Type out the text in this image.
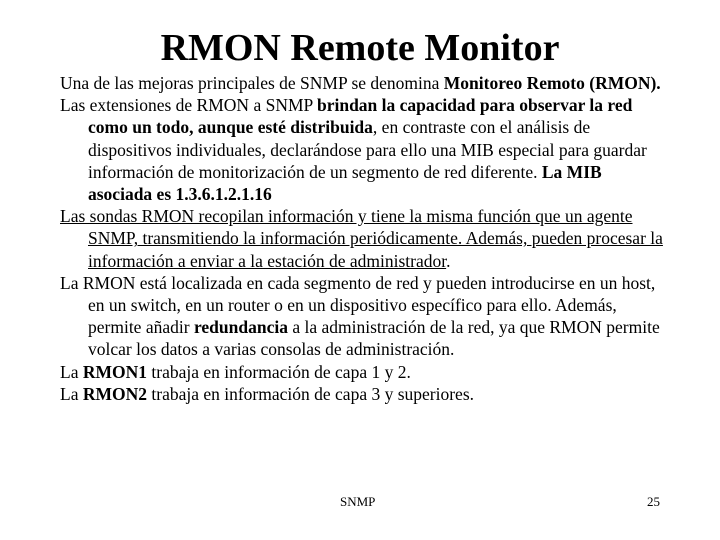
RMON Remote Monitor

Una de las mejoras principales de SNMP se denomina Monitoreo Remoto (RMON).

Las extensiones de RMON a SNMP brindan la capacidad para observar la red como un todo, aunque esté distribuida, en contraste con el análisis de dispositivos individuales, declarándose para ello una MIB especial para guardar información de monitorización de un segmento de red diferente. La MIB asociada es 1.3.6.1.2.1.16

Las sondas RMON recopilan información y tiene la misma función que un agente SNMP, transmitiendo la información periódicamente. Además, pueden procesar la información a enviar a la estación de administrador.

La RMON está localizada en cada segmento de red y pueden introducirse en un host, en un switch, en un router o en un dispositivo específico para ello. Además, permite añadir redundancia a la administración de la red, ya que RMON permite volcar los datos a varias consolas de administración.

La RMON1 trabaja en información de capa 1 y 2.

La RMON2 trabaja en información de capa 3 y superiores.

SNMP	25
